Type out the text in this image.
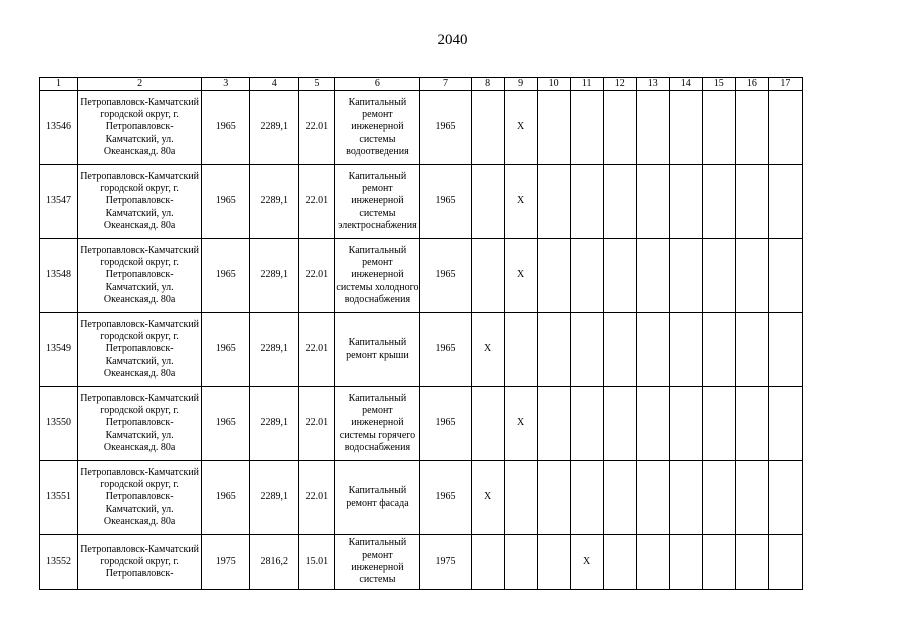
2040
1	2	3	4	5	6	7	8	9	10	11	12	13	14	15	16	17
13546	Петропавловск-Камчатский городской округ, г. Петропавловск-Камчатский, ул. Океанская,д. 80а	1965	2289,1	22.01	Капитальный ремонт инженерной системы водоотведения	1965		X								
13547	Петропавловск-Камчатский городской округ, г. Петропавловск-Камчатский, ул. Океанская,д. 80а	1965	2289,1	22.01	Капитальный ремонт инженерной системы электроснабжения	1965		X								
13548	Петропавловск-Камчатский городской округ, г. Петропавловск-Камчатский, ул. Океанская,д. 80а	1965	2289,1	22.01	Капитальный ремонт инженерной системы холодного водоснабжения	1965		X								
13549	Петропавловск-Камчатский городской округ, г. Петропавловск-Камчатский, ул. Океанская,д. 80а	1965	2289,1	22.01	Капитальный ремонт крыши	1965	X									
13550	Петропавловск-Камчатский городской округ, г. Петропавловск-Камчатский, ул. Океанская,д. 80а	1965	2289,1	22.01	Капитальный ремонт инженерной системы горячего водоснабжения	1965		X								
13551	Петропавловск-Камчатский городской округ, г. Петропавловск-Камчатский, ул. Океанская,д. 80а	1965	2289,1	22.01	Капитальный ремонт фасада	1965	X									
13552	Петропавловск-Камчатский городской округ, г. Петропавловск-	1975	2816,2	15.01	Капитальный ремонт инженерной системы	1975				X						
